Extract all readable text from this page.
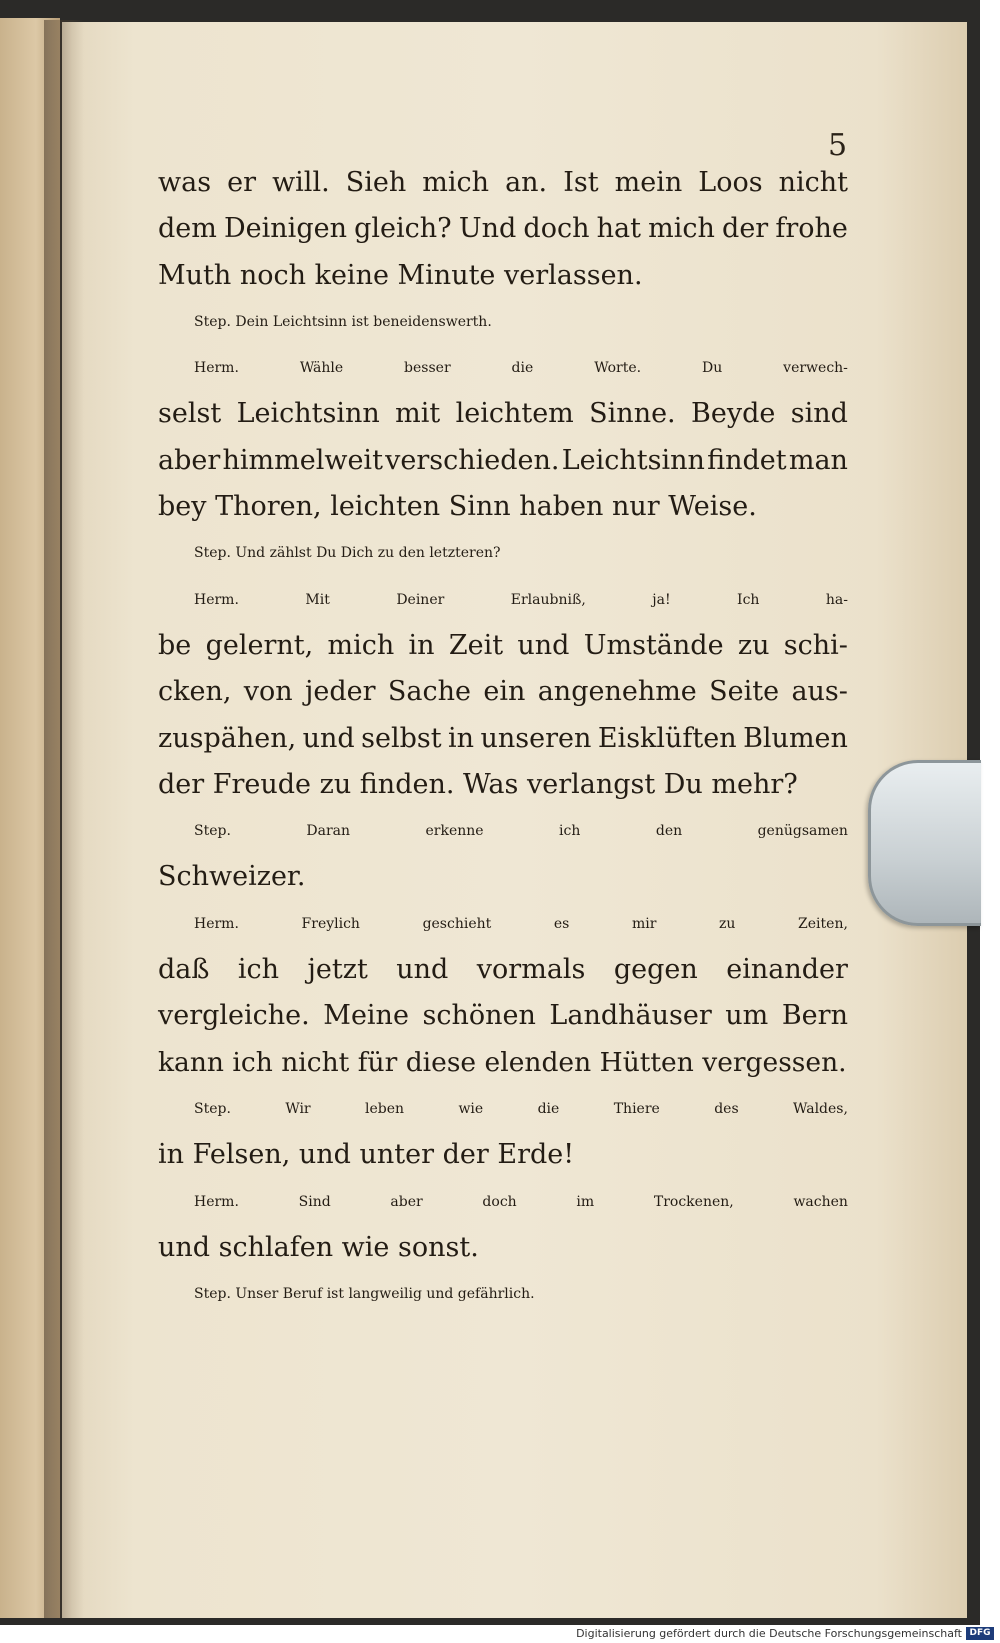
5
was er will. Sieh mich an. Ist mein Loos nicht
dem Deinigen gleich? Und doch hat mich der frohe
Muth noch keine Minute verlassen.
Step. Dein Leichtsinn ist beneidenswerth.
Herm.	Wähle	besser	die	Worte.	Du	verwech-
selst Leichtsinn mit leichtem Sinne. Beyde sind
aber himmelweit verschieden. Leichtsinn findet man
bey Thoren, leichten Sinn haben nur Weise.
Step. Und zählst Du Dich zu den letzteren?
Herm.	Mit	Deiner	Erlaubniß,	ja!	Ich	ha-
be gelernt, mich in Zeit und Umstände zu schi-
cken, von jeder Sache ein angenehme Seite aus-
zuspähen, und selbst in unseren Eisklüften Blumen
der Freude zu finden. Was verlangst Du mehr?
Step.	Daran	erkenne	ich	den	genügsamen
Schweizer.
Herm.	Freylich	geschieht	es	mir	zu	Zeiten,
daß ich jetzt und vormals gegen einander
vergleiche. Meine schönen Landhäuser um Bern
kann ich nicht für diese elenden Hütten vergessen.
Step.	Wir	leben	wie	die	Thiere	des	Waldes,
in Felsen, und unter der Erde!
Herm.	Sind	aber	doch	im	Trockenen,	wachen
und schlafen wie sonst.
Step. Unser Beruf ist langweilig und gefährlich.
Digitalisierung gefördert durch die Deutsche Forschungsgemeinschaft DFG
